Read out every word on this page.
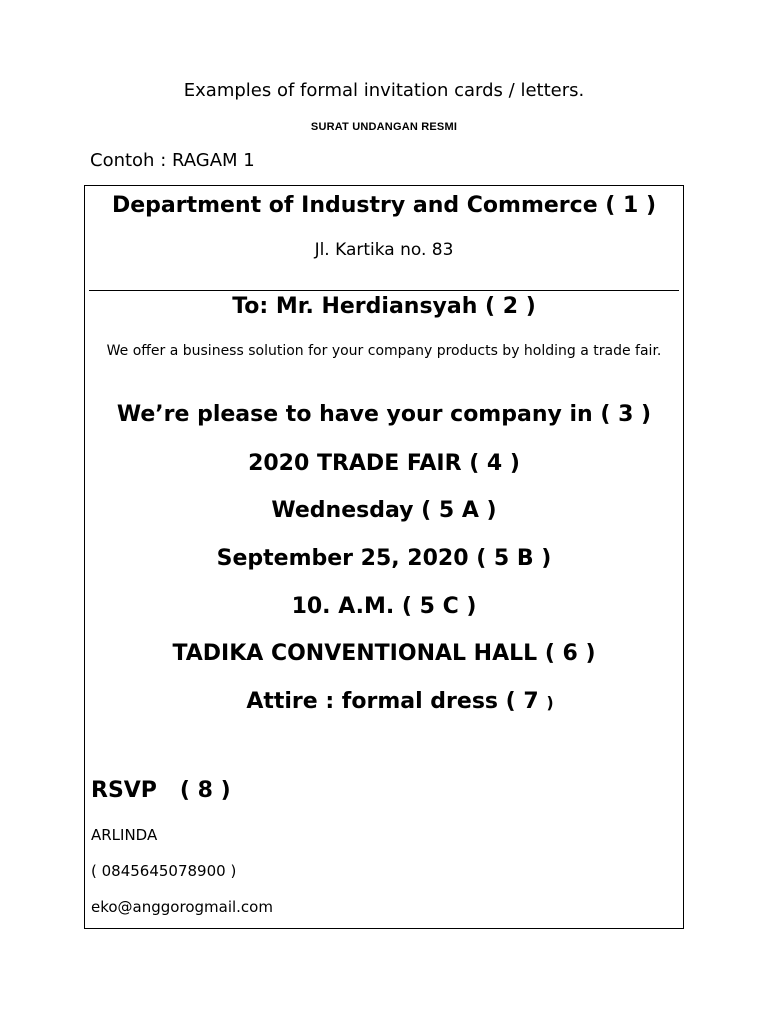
Examples of formal invitation cards / letters.
SURAT UNDANGAN RESMI
Contoh : RAGAM 1
Department of Industry and Commerce ( 1 )
Jl. Kartika no. 83
To: Mr. Herdiansyah ( 2 )
We offer a business solution for your company products by holding a trade fair.
We’re please to have your company in ( 3 )
2020 TRADE FAIR ( 4 )
Wednesday ( 5 A )
September 25, 2020 ( 5 B )
10. A.M. ( 5 C )
TADIKA CONVENTIONAL HALL ( 6 )
Attire : formal dress ( 7 )
RSVP   ( 8 )
ARLINDA
( 0845645078900 )
eko@anggorogmail.com
